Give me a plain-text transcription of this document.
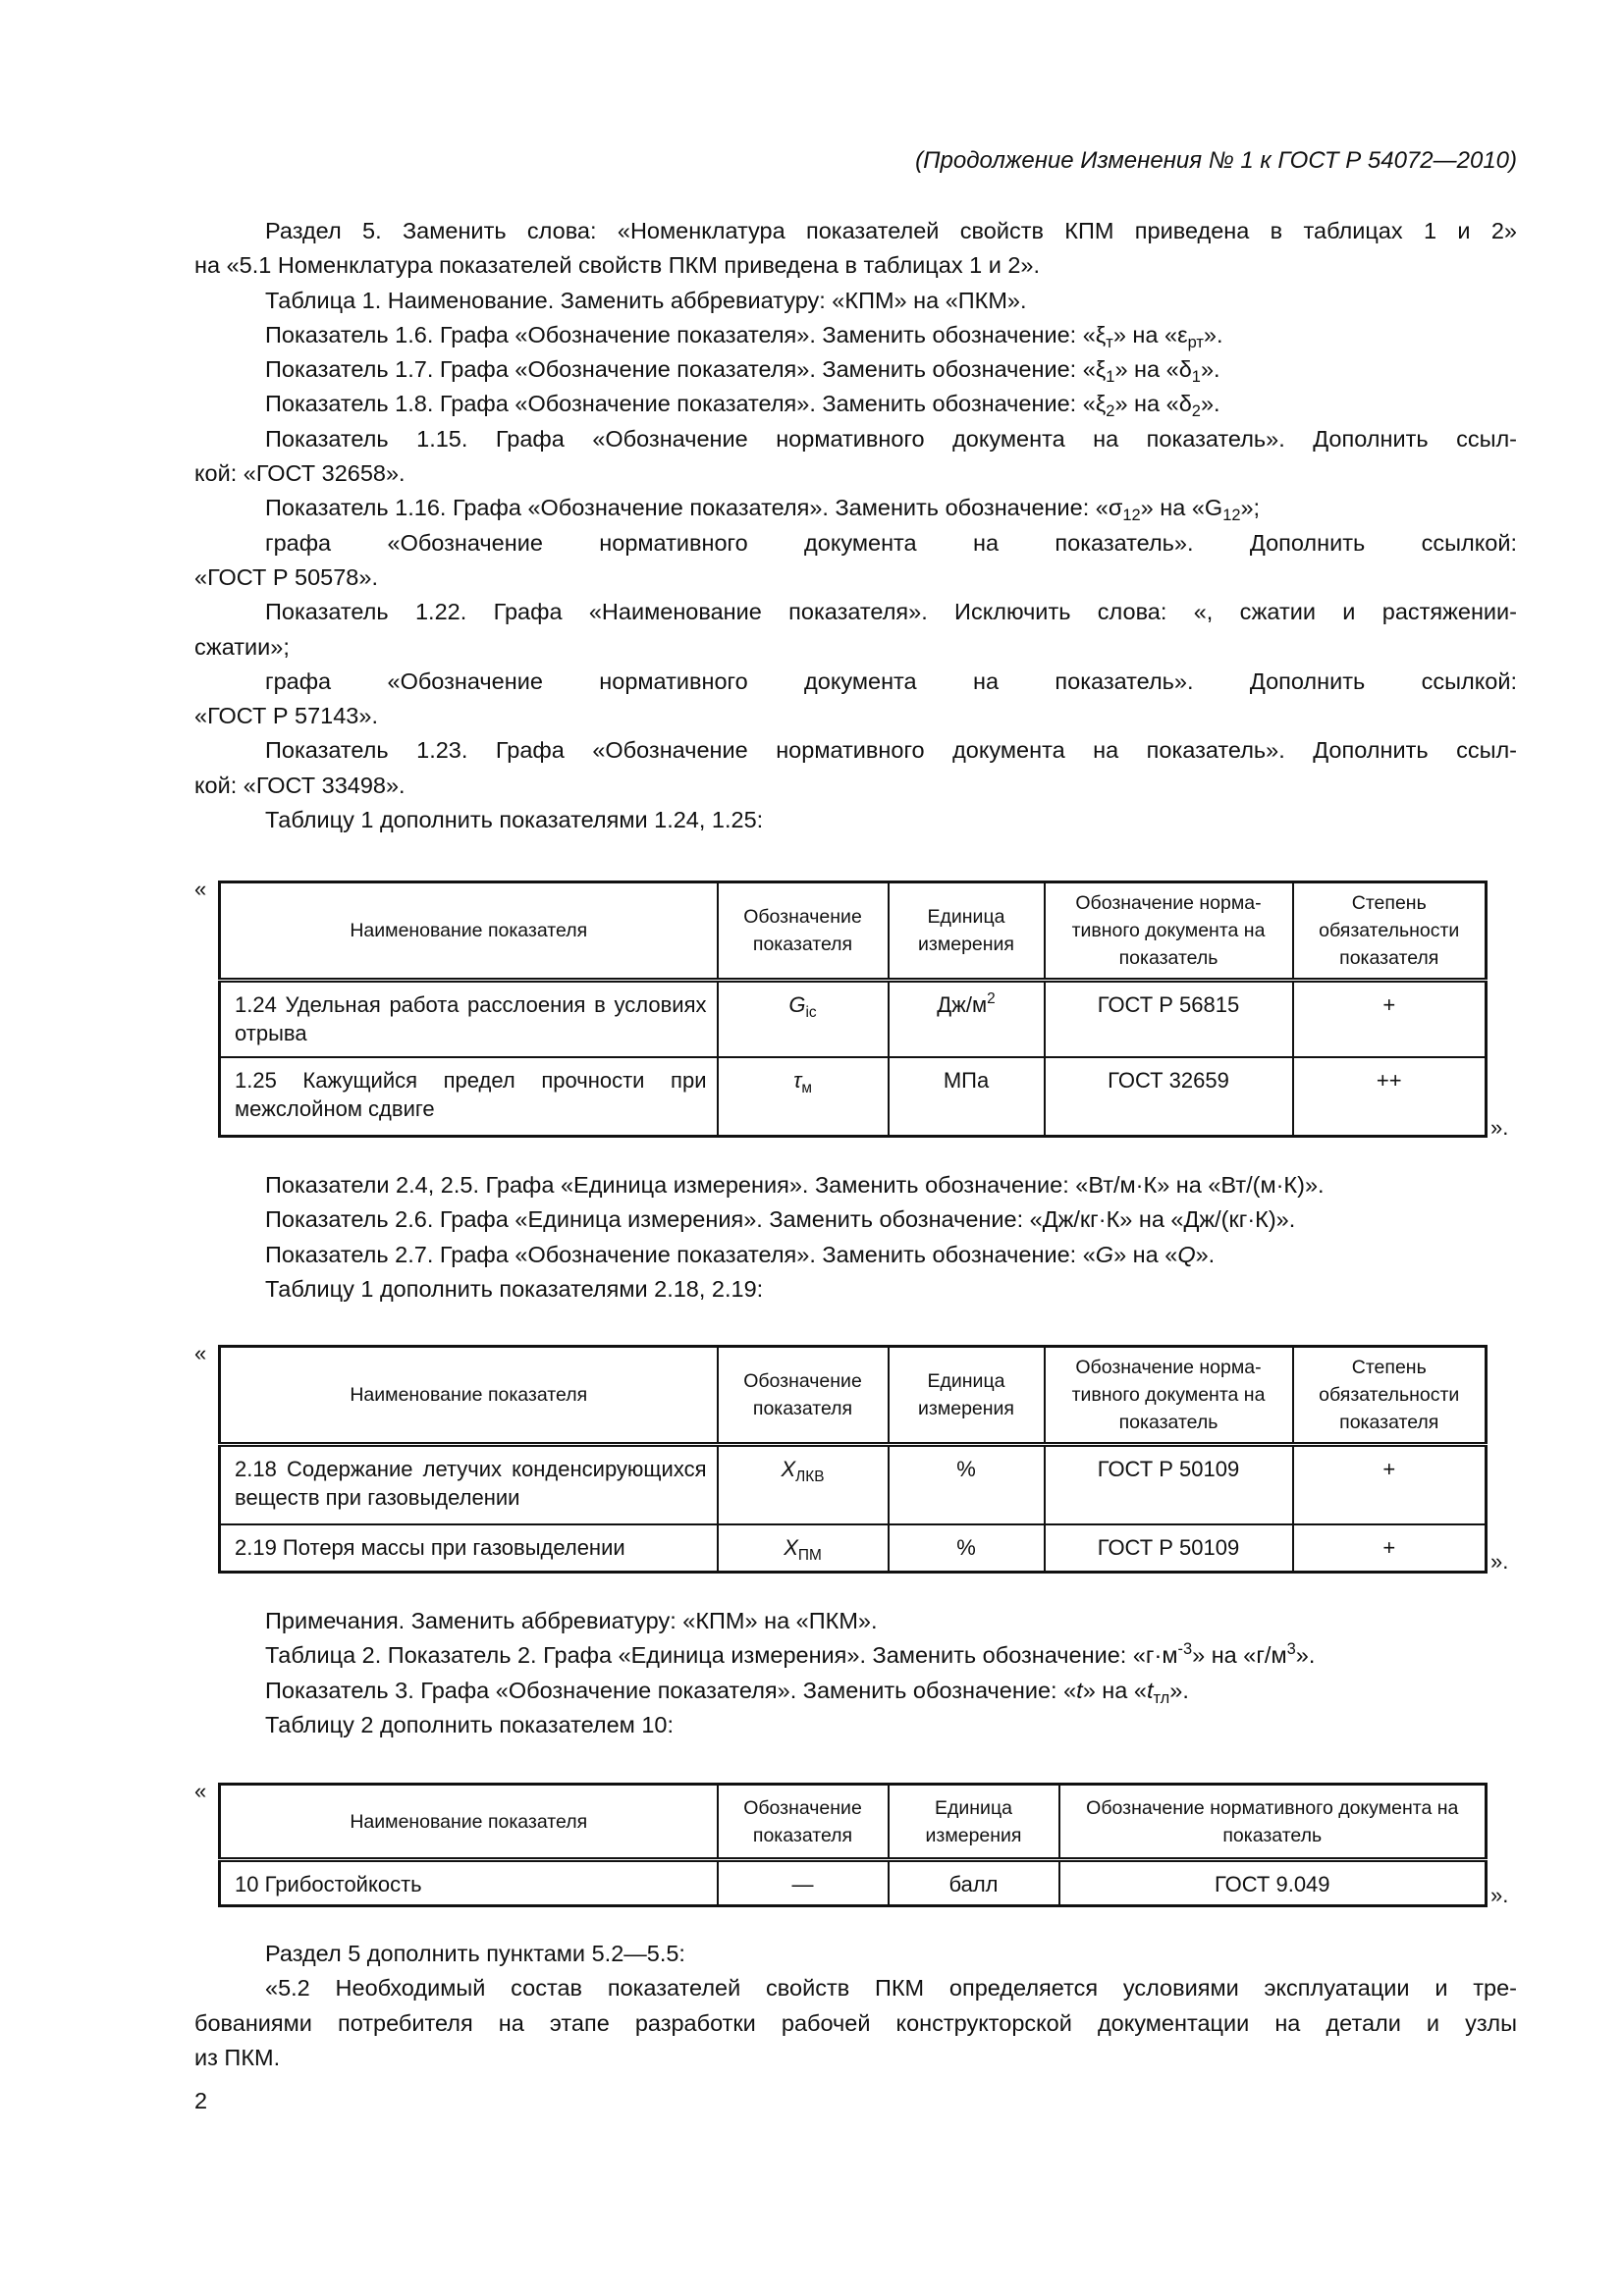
(Продолжение Изменения № 1 к ГОСТ Р 54072—2010)
Раздел 5. Заменить слова: «Номенклатура показателей свойств КПМ приведена в таблицах 1 и 2»
на «5.1 Номенклатура показателей свойств ПКМ приведена в таблицах 1 и 2».
Таблица 1. Наименование. Заменить аббревиатуру: «КПМ» на «ПКМ».
Показатель 1.6. Графа «Обозначение показателя». Заменить обозначение: «$\xi_т$» на «$\varepsilon_{рт}$».
Показатель 1.7. Графа «Обозначение показателя». Заменить обозначение: «$\xi_1$» на «$\delta_1$».
Показатель 1.8. Графа «Обозначение показателя». Заменить обозначение: «$\xi_2$» на «$\delta_2$».
Показатель 1.15. Графа «Обозначение нормативного документа на показатель». Дополнить ссыл-
кой: «ГОСТ 32658».
Показатель 1.16. Графа «Обозначение показателя». Заменить обозначение: «$\sigma_{12}$» на «$G_{12}$»;
графа «Обозначение нормативного документа на показатель». Дополнить ссылкой:
«ГОСТ Р 50578».
Показатель 1.22. Графа «Наименование показателя». Исключить слова: «, сжатии и растяжении-
сжатии»;
графа «Обозначение нормативного документа на показатель». Дополнить ссылкой:
«ГОСТ Р 57143».
Показатель 1.23. Графа «Обозначение нормативного документа на показатель». Дополнить ссыл-
кой: «ГОСТ 33498».
Таблицу 1 дополнить показателями 1.24, 1.25:
«
Наименование показателя	Обозначение показателя	Единица измерения	Обозначение норма-тивного документа на показатель	Степень обязательности показателя
1.24 Удельная работа расслоения в условиях отрыва	$G_{ic}$	$Дж/м^2$	ГОСТ Р 56815	+
1.25 Кажущийся предел прочности при межслойном сдвиге	$\tau_м$	МПа	ГОСТ 32659	++
».
Показатели 2.4, 2.5. Графа «Единица измерения». Заменить обозначение: «Вт/м·К» на «Вт/(м·К)».
Показатель 2.6. Графа «Единица измерения». Заменить обозначение: «Дж/кг·К» на «Дж/(кг·К)».
Показатель 2.7. Графа «Обозначение показателя». Заменить обозначение: «G» на «Q».
Таблицу 1 дополнить показателями 2.18, 2.19:
«
Наименование показателя	Обозначение показателя	Единица измерения	Обозначение норма-тивного документа на показатель	Степень обязательности показателя
2.18 Содержание летучих конденсирующихся веществ при газовыделении	$X_{ЛКВ}$	%	ГОСТ Р 50109	+
2.19 Потеря массы при газовыделении	$X_{ПМ}$	%	ГОСТ Р 50109	+
».
Примечания. Заменить аббревиатуру: «КПМ» на «ПКМ».
Таблица 2. Показатель 2. Графа «Единица измерения». Заменить обозначение: «$г\cdot м^{-3}$» на «$г/м^3$».
Показатель 3. Графа «Обозначение показателя». Заменить обозначение: «t» на «$t_{тл}$».
Таблицу 2 дополнить показателем 10:
«
Наименование показателя	Обозначение показателя	Единица измерения	Обозначение нормативного документа на показатель
10 Грибостойкость	—	балл	ГОСТ 9.049	».
Раздел 5 дополнить пунктами 5.2—5.5:
«5.2 Необходимый состав показателей свойств ПКМ определяется условиями эксплуатации и тре-
бованиями потребителя на этапе разработки рабочей конструкторской документации на детали и узлы
из ПКМ.
2
